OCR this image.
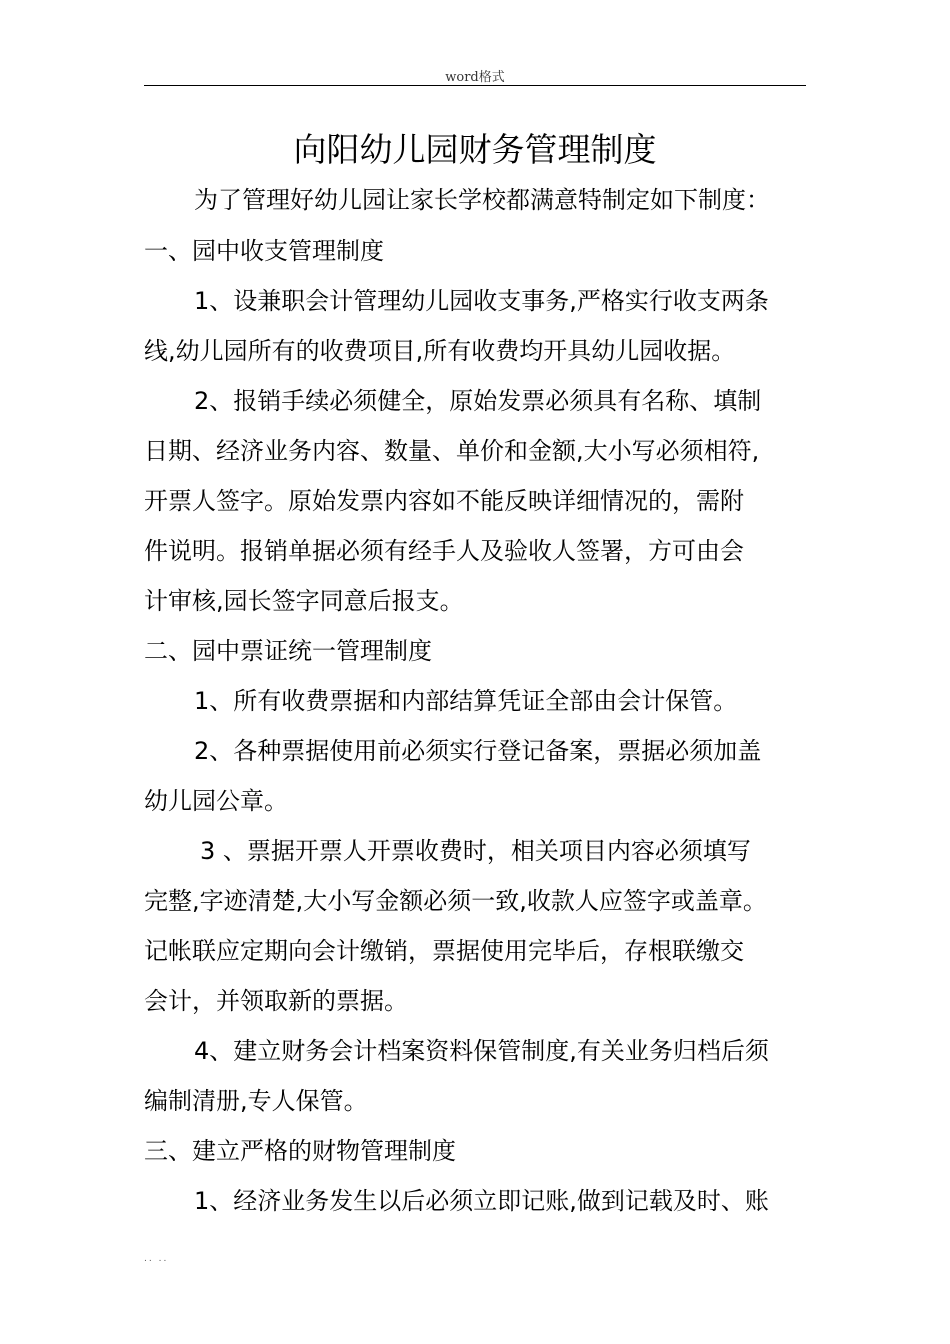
word格式
向阳幼儿园财务管理制度
为了管理好幼儿园让家长学校都满意特制定如下制度：
一、园中收支管理制度
1、设兼职会计管理幼儿园收支事务,严格实行收支两条
线,幼儿园所有的收费项目,所有收费均开具幼儿园收据。
2、报销手续必须健全，原始发票必须具有名称、填制
日期、经济业务内容、数量、单价和金额,大小写必须相符,
开票人签字。原始发票内容如不能反映详细情况的，需附
件说明。报销单据必须有经手人及验收人签署，方可由会
计审核,园长签字同意后报支。
二、园中票证统一管理制度
1、所有收费票据和内部结算凭证全部由会计保管。
2、各种票据使用前必须实行登记备案，票据必须加盖
幼儿园公章。
3 、票据开票人开票收费时，相关项目内容必须填写
完整,字迹清楚,大小写金额必须一致,收款人应签字或盖章。
记帐联应定期向会计缴销，票据使用完毕后，存根联缴交
会计，并领取新的票据。
4、建立财务会计档案资料保管制度,有关业务归档后须
编制清册,专人保管。
三、建立严格的财物管理制度
1、经济业务发生以后必须立即记账,做到记载及时、账
.. ..
